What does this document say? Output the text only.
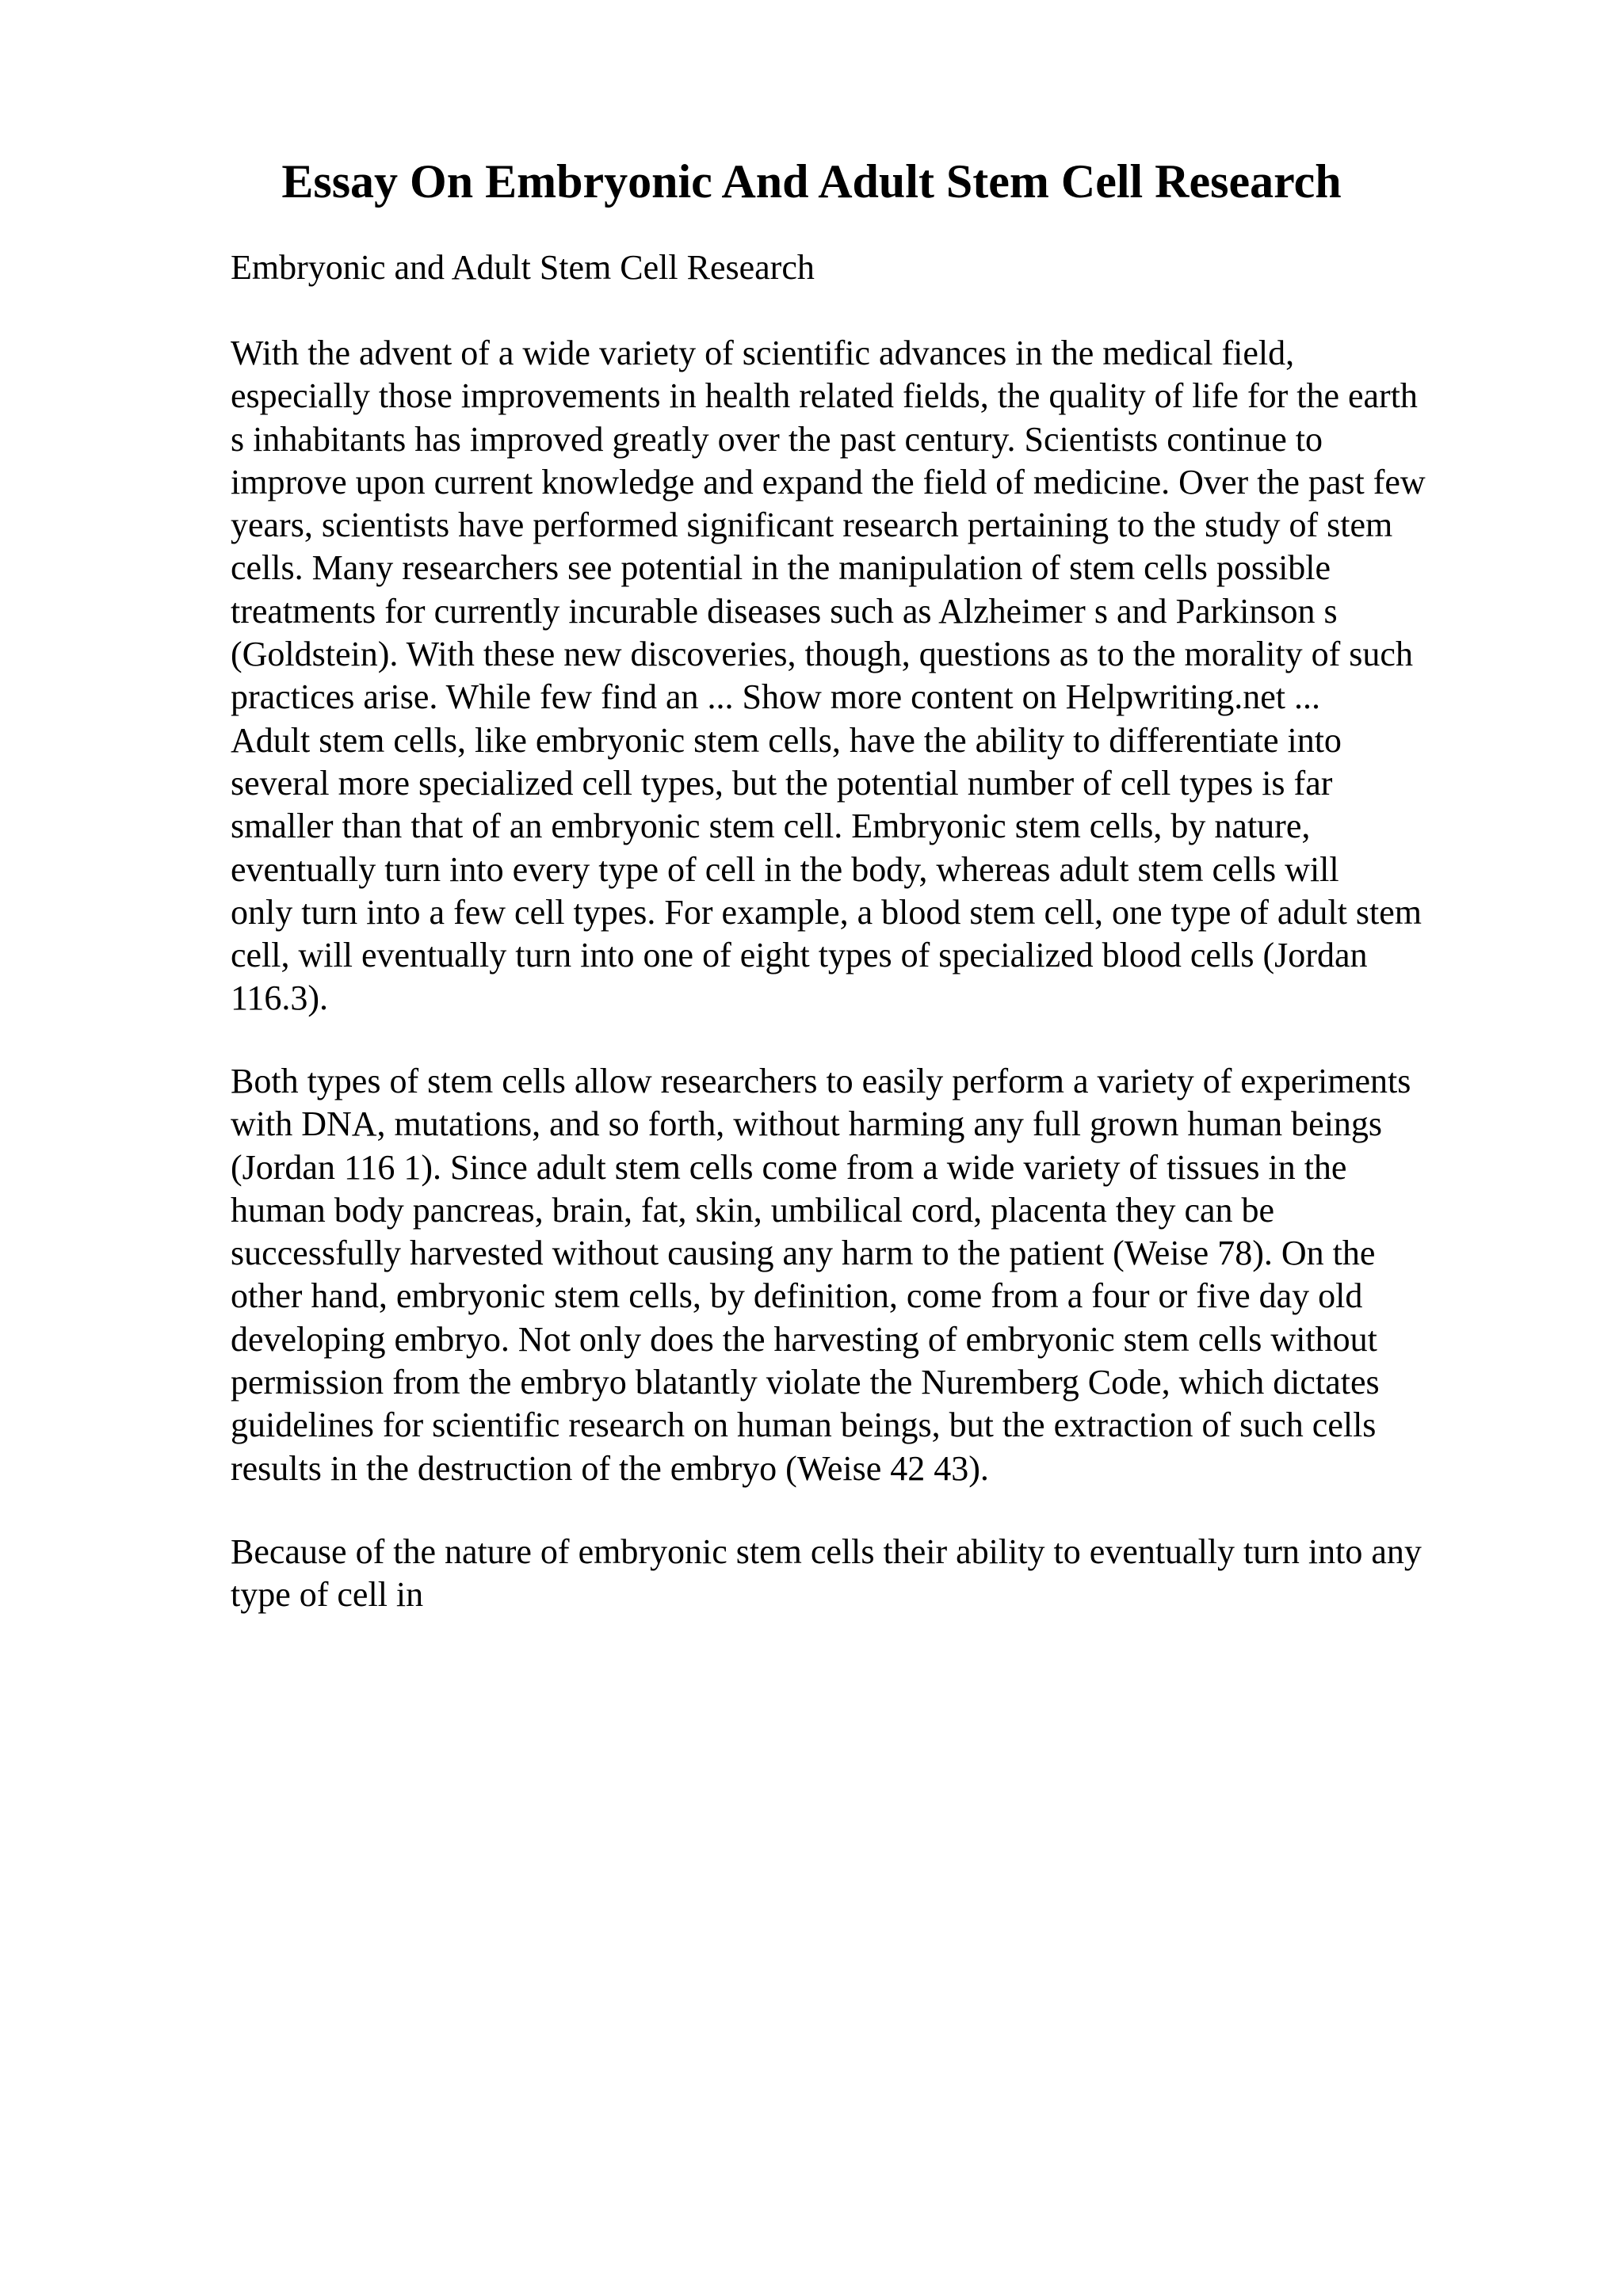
Essay On Embryonic And Adult Stem Cell Research

Embryonic and Adult Stem Cell Research

With the advent of a wide variety of scientific advances in the medical field,
especially those improvements in health related fields, the quality of life for the earth
s inhabitants has improved greatly over the past century. Scientists continue to
improve upon current knowledge and expand the field of medicine. Over the past few
years, scientists have performed significant research pertaining to the study of stem
cells. Many researchers see potential in the manipulation of stem cells possible
treatments for currently incurable diseases such as Alzheimer s and Parkinson s
(Goldstein). With these new discoveries, though, questions as to the morality of such
practices arise. While few find an ... Show more content on Helpwriting.net ...
Adult stem cells, like embryonic stem cells, have the ability to differentiate into
several more specialized cell types, but the potential number of cell types is far
smaller than that of an embryonic stem cell. Embryonic stem cells, by nature,
eventually turn into every type of cell in the body, whereas adult stem cells will
only turn into a few cell types. For example, a blood stem cell, one type of adult stem
cell, will eventually turn into one of eight types of specialized blood cells (Jordan
116.3).
Both types of stem cells allow researchers to easily perform a variety of experiments
with DNA, mutations, and so forth, without harming any full grown human beings
(Jordan 116 1). Since adult stem cells come from a wide variety of tissues in the
human body pancreas, brain, fat, skin, umbilical cord, placenta they can be
successfully harvested without causing any harm to the patient (Weise 78). On the
other hand, embryonic stem cells, by definition, come from a four or five day old
developing embryo. Not only does the harvesting of embryonic stem cells without
permission from the embryo blatantly violate the Nuremberg Code, which dictates
guidelines for scientific research on human beings, but the extraction of such cells
results in the destruction of the embryo (Weise 42 43).
Because of the nature of embryonic stem cells their ability to eventually turn into any
type of cell in
